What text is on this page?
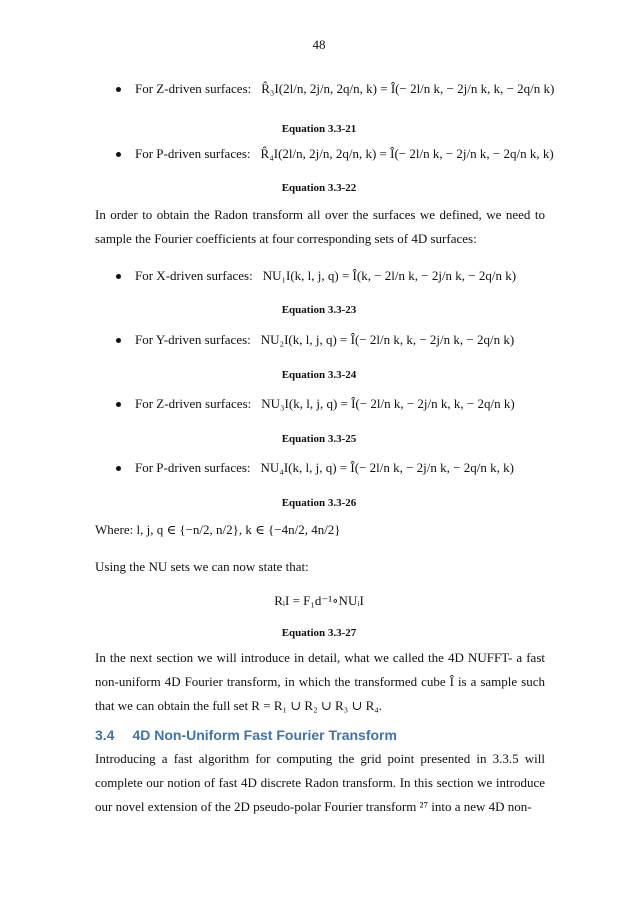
48
For Z-driven surfaces: R̂₃I(2l/n, 2j/n, 2q/n, k) = Î(− 2l/n k, − 2j/n k, k, − 2q/n k)
Equation 3.3-21
For P-driven surfaces: R̂₄I(2l/n, 2j/n, 2q/n, k) = Î(− 2l/n k, − 2j/n k, − 2q/n k, k)
Equation 3.3-22

In order to obtain the Radon transform all over the surfaces we defined, we need to sample the Fourier coefficients at four corresponding sets of 4D surfaces:

For X-driven surfaces: NU₁I(k, l, j, q) = Î(k, − 2l/n k, − 2j/n k, − 2q/n k)
Equation 3.3-23
For Y-driven surfaces: NU₂I(k, l, j, q) = Î(− 2l/n k, k, − 2j/n k, − 2q/n k)
Equation 3.3-24
For Z-driven surfaces: NU₃I(k, l, j, q) = Î(− 2l/n k, − 2j/n k, k, − 2q/n k)
Equation 3.3-25
For P-driven surfaces: NU₄I(k, l, j, q) = Î(− 2l/n k, − 2j/n k, − 2q/n k, k)
Equation 3.3-26

Where: l, j, q ∈ {−n/2, n/2}, k ∈ {−4n/2, 4n/2}

Using the NU sets we can now state that:

RᵢI = F₁d⁻¹∘NUᵢI
Equation 3.3-27

In the next section we will introduce in detail, what we called the 4D NUFFT- a fast non-uniform 4D Fourier transform, in which the transformed cube Î is a sample such that we can obtain the full set R = R₁ ∪ R₂ ∪ R₃ ∪ R₄.

3.4 4D Non-Uniform Fast Fourier Transform

Introducing a fast algorithm for computing the grid point presented in 3.3.5 will complete our notion of fast 4D discrete Radon transform. In this section we introduce our novel extension of the 2D pseudo-polar Fourier transform ²⁷ into a new 4D non-
